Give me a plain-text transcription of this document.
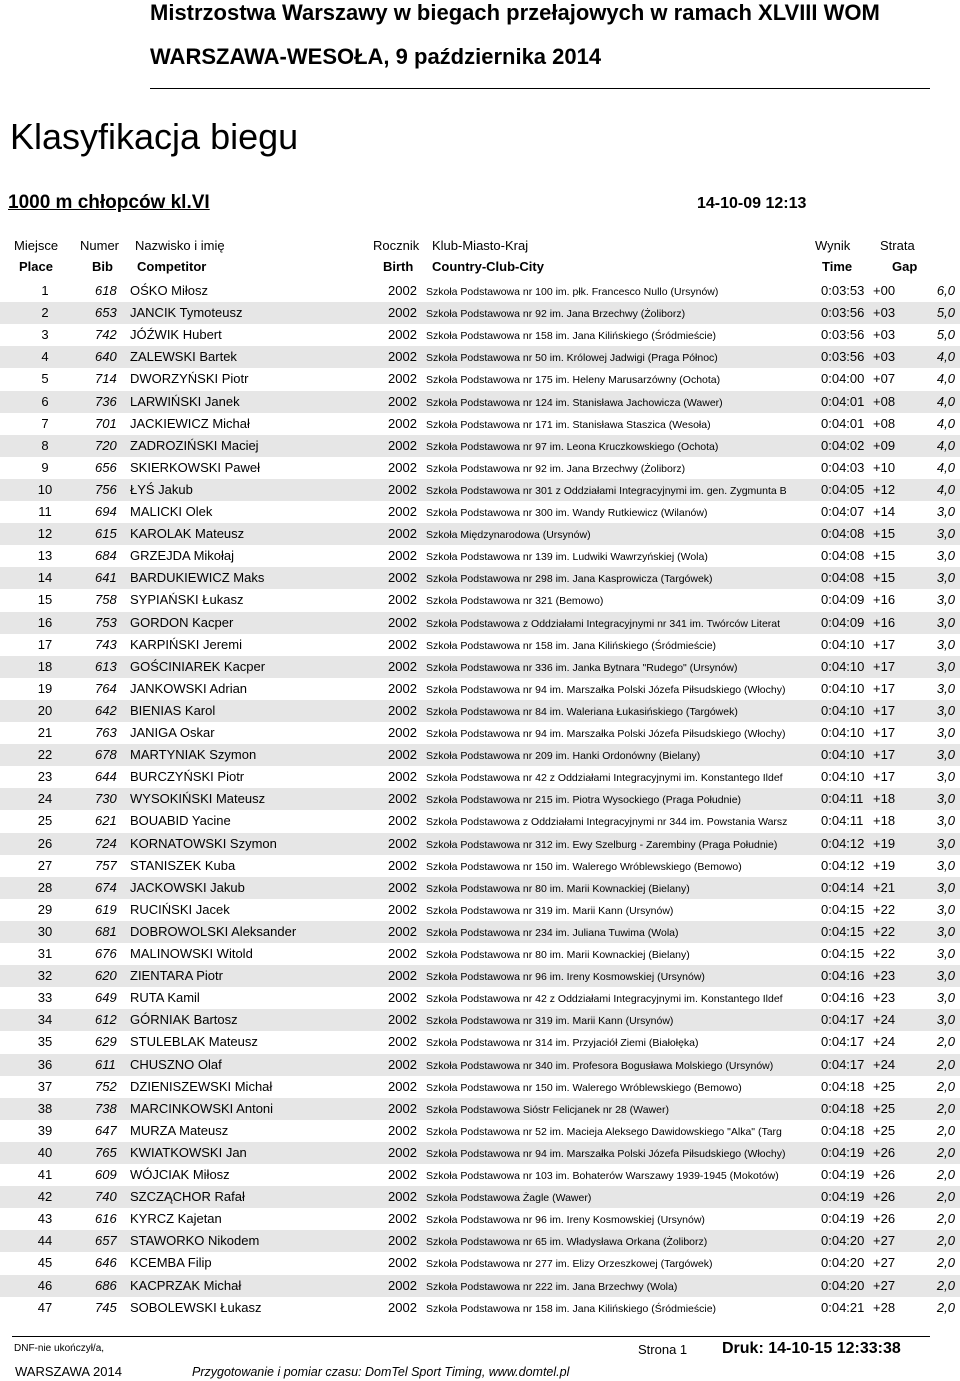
Mistrzostwa Warszawy w biegach przełajowych w ramach XLVIII WOM
WARSZAWA-WESOŁA, 9 października 2014
Klasyfikacja biegu
1000 m chłopców kl.VI	14-10-09 12:13
Miejsce
Place
Numer
Bib
Nazwisko i imię
Competitor
Rocznik
Birth
Klub-Miasto-Kraj
Country-Club-City
Wynik
Time
Strata
Gap
1	618 OŚKO Miłosz	2002 Szkoła Podstawowa nr 100 im. płk. Francesco Nullo (Ursynów)	0:03:53 +00	6,0
2	653 JANCIK Tymoteusz	2002 Szkoła Podstawowa nr 92 im. Jana Brzechwy (Żoliborz)	0:03:56 +03	5,0
3	742 JÓŹWIK Hubert	2002 Szkoła Podstawowa nr 158 im. Jana Kilińskiego (Śródmieście)	0:03:56 +03	5,0
4	640 ZALEWSKI Bartek	2002 Szkoła Podstawowa nr 50 im. Królowej Jadwigi (Praga Północ)	0:03:56 +03	4,0
5	714 DWORZYŃSKI Piotr	2002 Szkoła Podstawowa nr 175 im. Heleny Marusarzówny (Ochota)	0:04:00 +07	4,0
6	736 LARWIŃSKI Janek	2002 Szkoła Podstawowa nr 124 im. Stanisława Jachowicza (Wawer)	0:04:01 +08	4,0
7	701 JACKIEWICZ Michał	2002 Szkoła Podstawowa nr 171 im. Stanisława Staszica (Wesoła)	0:04:01 +08	4,0
8	720 ZADROZIŃSKI Maciej	2002 Szkoła Podstawowa nr 97 im. Leona Kruczkowskiego (Ochota)	0:04:02 +09	4,0
9	656 SKIERKOWSKI Paweł	2002 Szkoła Podstawowa nr 92 im. Jana Brzechwy (Żoliborz)	0:04:03 +10	4,0
10	756 ŁYŚ Jakub	2002 Szkoła Podstawowa nr 301 z Oddziałami Integracyjnymi im. gen. Zygmunta B	0:04:05 +12	4,0
11	694 MALICKI Olek	2002 Szkoła Podstawowa nr 300 im. Wandy Rutkiewicz (Wilanów)	0:04:07 +14	3,0
12	615 KAROLAK Mateusz	2002 Szkoła Międzynarodowa (Ursynów)	0:04:08 +15	3,0
13	684 GRZEJDA Mikołaj	2002 Szkoła Podstawowa nr 139 im. Ludwiki Wawrzyńskiej (Wola)	0:04:08 +15	3,0
14	641 BARDUKIEWICZ Maks	2002 Szkoła Podstawowa nr 298 im. Jana Kasprowicza (Targówek)	0:04:08 +15	3,0
15	758 SYPIAŃSKI Łukasz	2002 Szkoła Podstawowa nr 321 (Bemowo)	0:04:09 +16	3,0
16	753 GORDON Kacper	2002 Szkoła Podstawowa z Oddziałami Integracyjnymi nr 341 im. Twórców Literat	0:04:09 +16	3,0
17	743 KARPIŃSKI Jeremi	2002 Szkoła Podstawowa nr 158 im. Jana Kilińskiego (Śródmieście)	0:04:10 +17	3,0
18	613 GOŚCINIAREK Kacper	2002 Szkoła Podstawowa nr 336 im. Janka Bytnara "Rudego" (Ursynów)	0:04:10 +17	3,0
19	764 JANKOWSKI Adrian	2002 Szkoła Podstawowa nr 94 im. Marszałka Polski Józefa Piłsudskiego (Włochy)	0:04:10 +17	3,0
20	642 BIENIAS Karol	2002 Szkoła Podstawowa nr 84 im. Waleriana Łukasińskiego (Targówek)	0:04:10 +17	3,0
21	763 JANIGA Oskar	2002 Szkoła Podstawowa nr 94 im. Marszałka Polski Józefa Piłsudskiego (Włochy)	0:04:10 +17	3,0
22	678 MARTYNIAK Szymon	2002 Szkoła Podstawowa nr 209 im. Hanki Ordonówny (Bielany)	0:04:10 +17	3,0
23	644 BURCZYŃSKI Piotr	2002 Szkoła Podstawowa nr 42 z Oddziałami Integracyjnymi im. Konstantego Ildef	0:04:10 +17	3,0
24	730 WYSOKIŃSKI Mateusz	2002 Szkoła Podstawowa nr 215 im. Piotra Wysockiego (Praga Południe)	0:04:11 +18	3,0
25	621 BOUABID Yacine	2002 Szkoła Podstawowa z Oddziałami Integracyjnymi nr 344 im. Powstania Warsz	0:04:11 +18	3,0
26	724 KORNATOWSKI Szymon	2002 Szkoła Podstawowa nr 312 im. Ewy Szelburg - Zarembiny (Praga Południe)	0:04:12 +19	3,0
27	757 STANISZEK Kuba	2002 Szkoła Podstawowa nr 150 im. Walerego Wróblewskiego (Bemowo)	0:04:12 +19	3,0
28	674 JACKOWSKI Jakub	2002 Szkoła Podstawowa nr 80 im. Marii Kownackiej (Bielany)	0:04:14 +21	3,0
29	619 RUCIŃSKI Jacek	2002 Szkoła Podstawowa nr 319 im. Marii Kann (Ursynów)	0:04:15 +22	3,0
30	681 DOBROWOLSKI Aleksander	2002 Szkoła Podstawowa nr 234 im. Juliana Tuwima (Wola)	0:04:15 +22	3,0
31	676 MALINOWSKI Witold	2002 Szkoła Podstawowa nr 80 im. Marii Kownackiej (Bielany)	0:04:15 +22	3,0
32	620 ZIENTARA Piotr	2002 Szkoła Podstawowa nr 96 im. Ireny Kosmowskiej (Ursynów)	0:04:16 +23	3,0
33	649 RUTA Kamil	2002 Szkoła Podstawowa nr 42 z Oddziałami Integracyjnymi im. Konstantego Ildef	0:04:16 +23	3,0
34	612 GÓRNIAK Bartosz	2002 Szkoła Podstawowa nr 319 im. Marii Kann (Ursynów)	0:04:17 +24	3,0
35	629 STULEBLAK Mateusz	2002 Szkoła Podstawowa nr 314 im. Przyjaciół Ziemi (Białołęka)	0:04:17 +24	2,0
36	611 CHUSZNO Olaf	2002 Szkoła Podstawowa nr 340 im. Profesora Bogusława Molskiego (Ursynów)	0:04:17 +24	2,0
37	752 DZIENISZEWSKI Michał	2002 Szkoła Podstawowa nr 150 im. Walerego Wróblewskiego (Bemowo)	0:04:18 +25	2,0
38	738 MARCINKOWSKI Antoni	2002 Szkoła Podstawowa Sióstr Felicjanek nr 28 (Wawer)	0:04:18 +25	2,0
39	647 MURZA Mateusz	2002 Szkoła Podstawowa nr 52 im. Macieja Aleksego Dawidowskiego "Alka" (Targ	0:04:18 +25	2,0
40	765 KWIATKOWSKI Jan	2002 Szkoła Podstawowa nr 94 im. Marszałka Polski Józefa Piłsudskiego (Włochy)	0:04:19 +26	2,0
41	609 WÓJCIAK Miłosz	2002 Szkoła Podstawowa nr 103 im. Bohaterów Warszawy 1939-1945 (Mokotów)	0:04:19 +26	2,0
42	740 SZCZĄCHOR Rafał	2002 Szkoła Podstawowa Żagle (Wawer)	0:04:19 +26	2,0
43	616 KYRCZ Kajetan	2002 Szkoła Podstawowa nr 96 im. Ireny Kosmowskiej (Ursynów)	0:04:19 +26	2,0
44	657 STAWORKO Nikodem	2002 Szkoła Podstawowa nr 65 im. Władysława Orkana (Żoliborz)	0:04:20 +27	2,0
45	646 KCEMBA Filip	2002 Szkoła Podstawowa nr 277 im. Elizy Orzeszkowej (Targówek)	0:04:20 +27	2,0
46	686 KACPRZAK Michał	2002 Szkoła Podstawowa nr 222 im. Jana Brzechwy (Wola)	0:04:20 +27	2,0
47	745 SOBOLEWSKI Łukasz	2002 Szkoła Podstawowa nr 158 im. Jana Kilińskiego (Śródmieście)	0:04:21 +28	2,0
DNF-nie ukończył/a,
WARSZAWA 2014	Przygotowanie i pomiar czasu: DomTel Sport Timing, www.domtel.pl
Strona 1 Druk: 14-10-15 12:33:38
